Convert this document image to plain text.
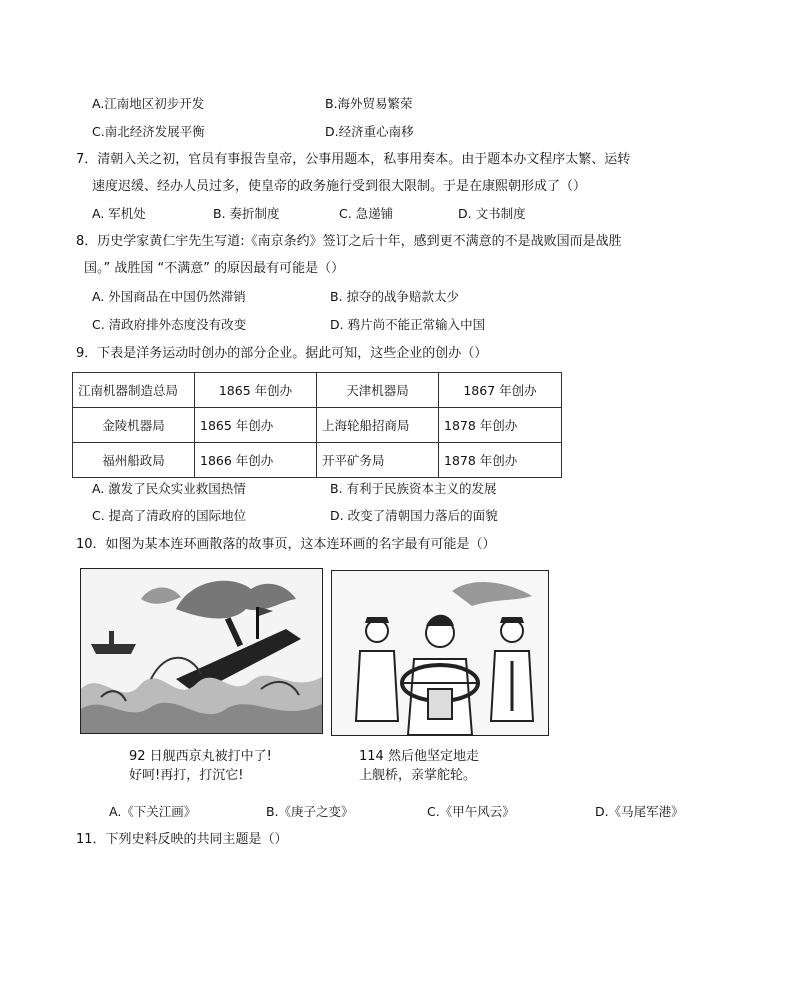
A.江南地区初步开发	B.海外贸易繁荣
C.南北经济发展平衡	D.经济重心南移
7．清朝入关之初，官员有事报告皇帝，公事用题本，私事用奏本。由于题本办文程序太繁、运转
速度迟缓、经办人员过多，使皇帝的政务施行受到很大限制。于是在康熙朝形成了（）
A. 军机处	B. 奏折制度	C. 急递铺	D. 文书制度
8．历史学家黄仁宇先生写道:《南京条约》签订之后十年，感到更不满意的不是战败国而是战胜
国。” 战胜国 “不满意” 的原因最有可能是（）
A. 外国商品在中国仍然滞销	B. 掠夺的战争赔款太少
C. 清政府排外态度没有改变	D. 鸦片尚不能正常输入中国
9．下表是洋务运动时创办的部分企业。据此可知，这些企业的创办（）
江南机器制造总局	1865 年创办	天津机器局	1867 年创办
金陵机器局	1865 年创办	上海轮船招商局	1878 年创办
福州船政局	1866 年创办	开平矿务局	1878 年创办
A. 激发了民众实业救国热情	B. 有利于民族资本主义的发展
C. 提高了清政府的国际地位	D. 改变了清朝国力落后的面貌
10．如图为某本连环画散落的故事页，这本连环画的名字最有可能是（）
92 日舰西京丸被打中了!
好呵!再打，打沉它!
114 然后他坚定地走
上舰桥，亲掌舵轮。
A.《下关江画》	B.《庚子之变》	C.《甲午风云》	D.《马尾军港》
11．下列史料反映的共同主题是（）
